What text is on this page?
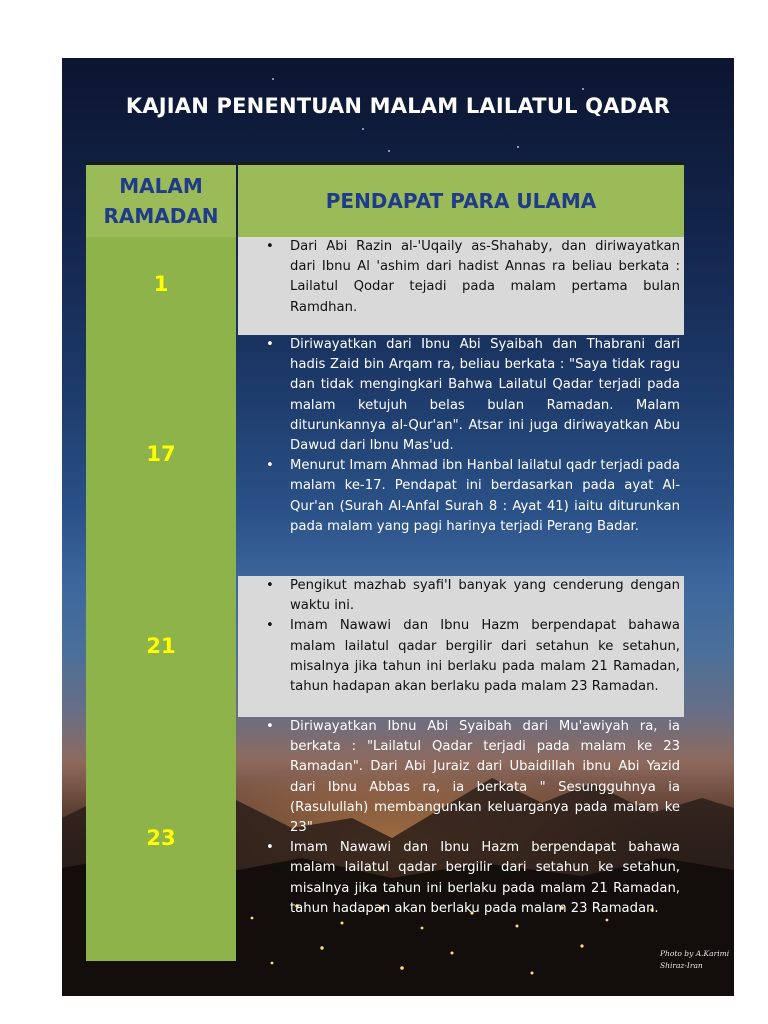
KAJIAN PENENTUAN MALAM LAILATUL QADAR
MALAM
RAMADAN
PENDAPAT PARA ULAMA
1
17
21
23
• Dari Abi Razin al-'Uqaily as-Shahaby, dan diriwayatkan dari Ibnu Al 'ashim dari hadist Annas ra beliau berkata : Lailatul Qodar tejadi pada malam pertama bulan Ramdhan.
• Diriwayatkan dari Ibnu Abi Syaibah dan Thabrani dari hadis Zaid bin Arqam ra, beliau berkata : "Saya tidak ragu dan tidak mengingkari Bahwa Lailatul Qadar terjadi pada malam ketujuh belas bulan Ramadan. Malam diturunkannya al-Qur'an". Atsar ini juga diriwayatkan Abu Dawud dari Ibnu Mas'ud.
• Menurut Imam Ahmad ibn Hanbal lailatul qadr terjadi pada malam ke-17. Pendapat ini berdasarkan pada ayat Al-Qur'an (Surah Al-Anfal Surah 8 : Ayat 41) iaitu diturunkan pada malam yang pagi harinya terjadi Perang Badar.
• Pengikut mazhab syafi'I banyak yang cenderung dengan waktu ini.
• Imam Nawawi dan Ibnu Hazm berpendapat bahawa malam lailatul qadar bergilir dari setahun ke setahun, misalnya jika tahun ini berlaku pada malam 21 Ramadan, tahun hadapan akan berlaku pada malam 23 Ramadan.
• Diriwayatkan Ibnu Abi Syaibah dari Mu'awiyah ra, ia berkata : "Lailatul Qadar terjadi pada malam ke 23 Ramadan". Dari Abi Juraiz dari Ubaidillah ibnu Abi Yazid dari Ibnu Abbas ra, ia berkata " Sesungguhnya ia (Rasulullah) membangunkan keluarganya pada malam ke 23"
• Imam Nawawi dan Ibnu Hazm berpendapat bahawa malam lailatul qadar bergilir dari setahun ke setahun, misalnya jika tahun ini berlaku pada malam 21 Ramadan, tahun hadapan akan berlaku pada malam 23 Ramadan.
Photo by A.Karimi
Shiraz-Iran
